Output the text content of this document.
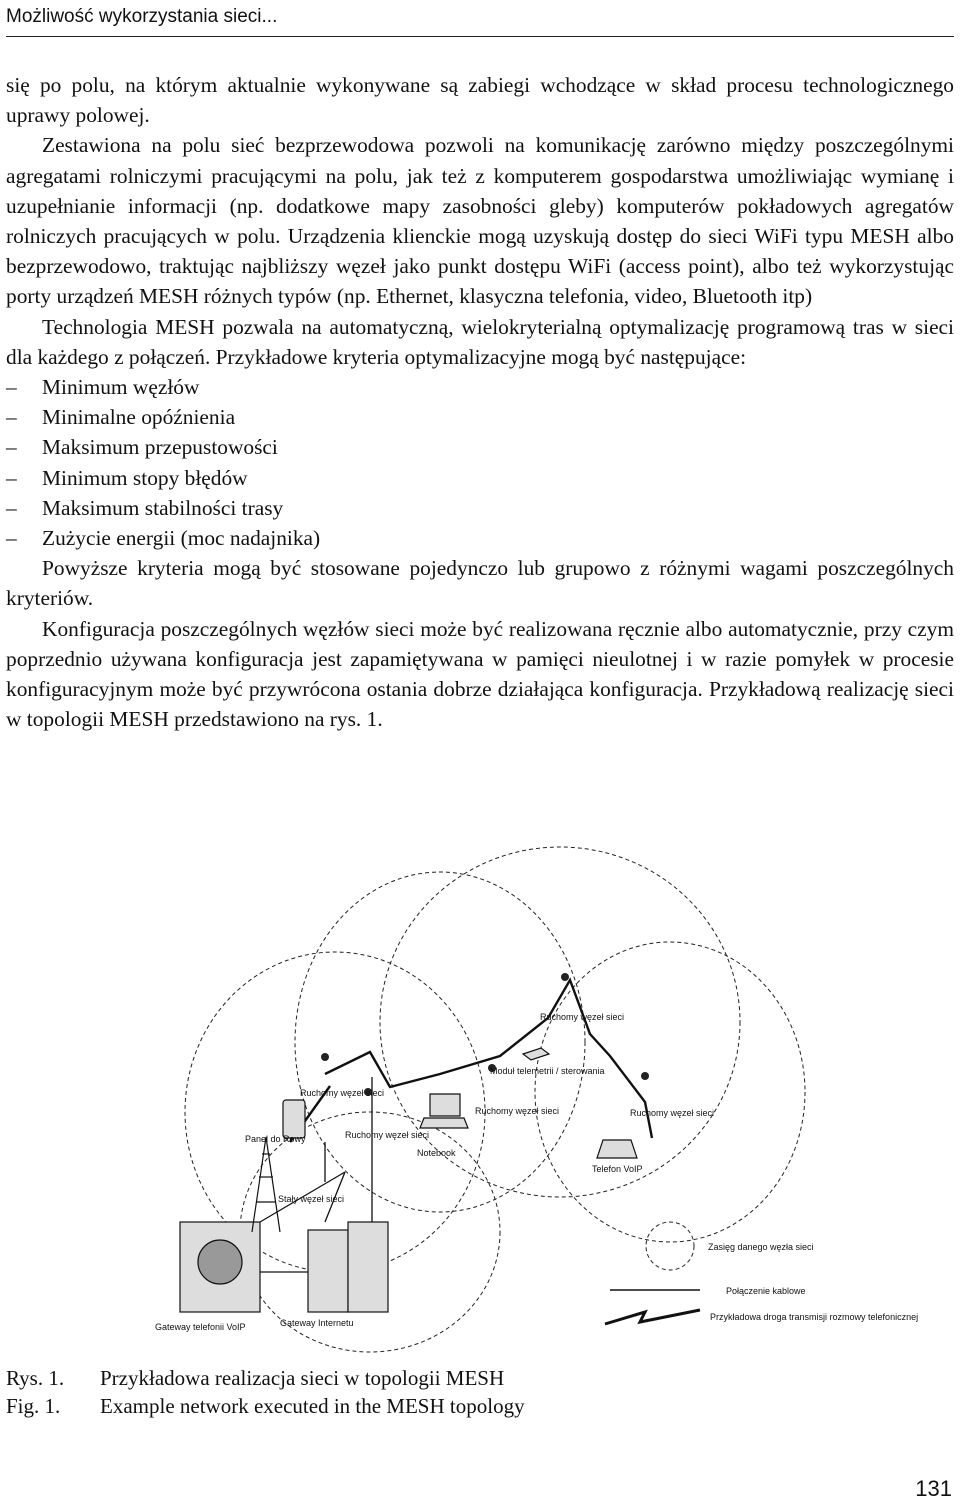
Możliwość wykorzystania sieci...

się po polu, na którym aktualnie wykonywane są zabiegi wchodzące w skład procesu technologicznego uprawy polowej.

Zestawiona na polu sieć bezprzewodowa pozwoli na komunikację zarówno między poszczególnymi agregatami rolniczymi pracującymi na polu, jak też z komputerem gospodarstwa umożliwiając wymianę i uzupełnianie informacji (np. dodatkowe mapy zasobności gleby) komputerów pokładowych agregatów rolniczych pracujących w polu. Urządzenia klienckie mogą uzyskują dostęp do sieci WiFi typu MESH albo bezprzewodowo, traktując najbliższy węzeł jako punkt dostępu WiFi (access point), albo też wykorzystując porty urządzeń MESH różnych typów (np. Ethernet, klasyczna telefonia, video, Bluetooth itp)

Technologia MESH pozwala na automatyczną, wielokryterialną optymalizację programową tras w sieci dla każdego z połączeń. Przykładowe kryteria optymalizacyjne mogą być następujące:

– Minimum węzłów
– Minimalne opóźnienia
– Maksimum przepustowości
– Minimum stopy błędów
– Maksimum stabilności trasy
– Zużycie energii (moc nadajnika)

Powyższe kryteria mogą być stosowane pojedynczo lub grupowo z różnymi wagami poszczególnych kryteriów.

Konfiguracja poszczególnych węzłów sieci może być realizowana ręcznie albo automatycznie, przy czym poprzednio używana konfiguracja jest zapamiętywana w pamięci nieulotnej i w razie pomyłek w procesie konfiguracyjnym może być przywrócona ostania dobrze działająca konfiguracja. Przykładową realizację sieci w topologii MESH przedstawiono na rys. 1.

Ruchomy węzeł sieci
Moduł telemetrii / sterowania
Ruchomy węzeł sieci
Ruchomy węzeł sieci
Ruchomy węzeł sieci	Ruchomy węzeł sieci
Panel do Rowy
Notebook
Telefon VoIP
Stały węzeł sieci
Gateway telefonii VoIP	Gateway Internetu
Zasięg danego węzła sieci
Połączenie kablowe
Przykładowa droga transmisji rozmowy telefonicznej
Rys. 1.	Przykładowa realizacja sieci w topologii MESH
Fig. 1.	Example network executed in the MESH topology
131
